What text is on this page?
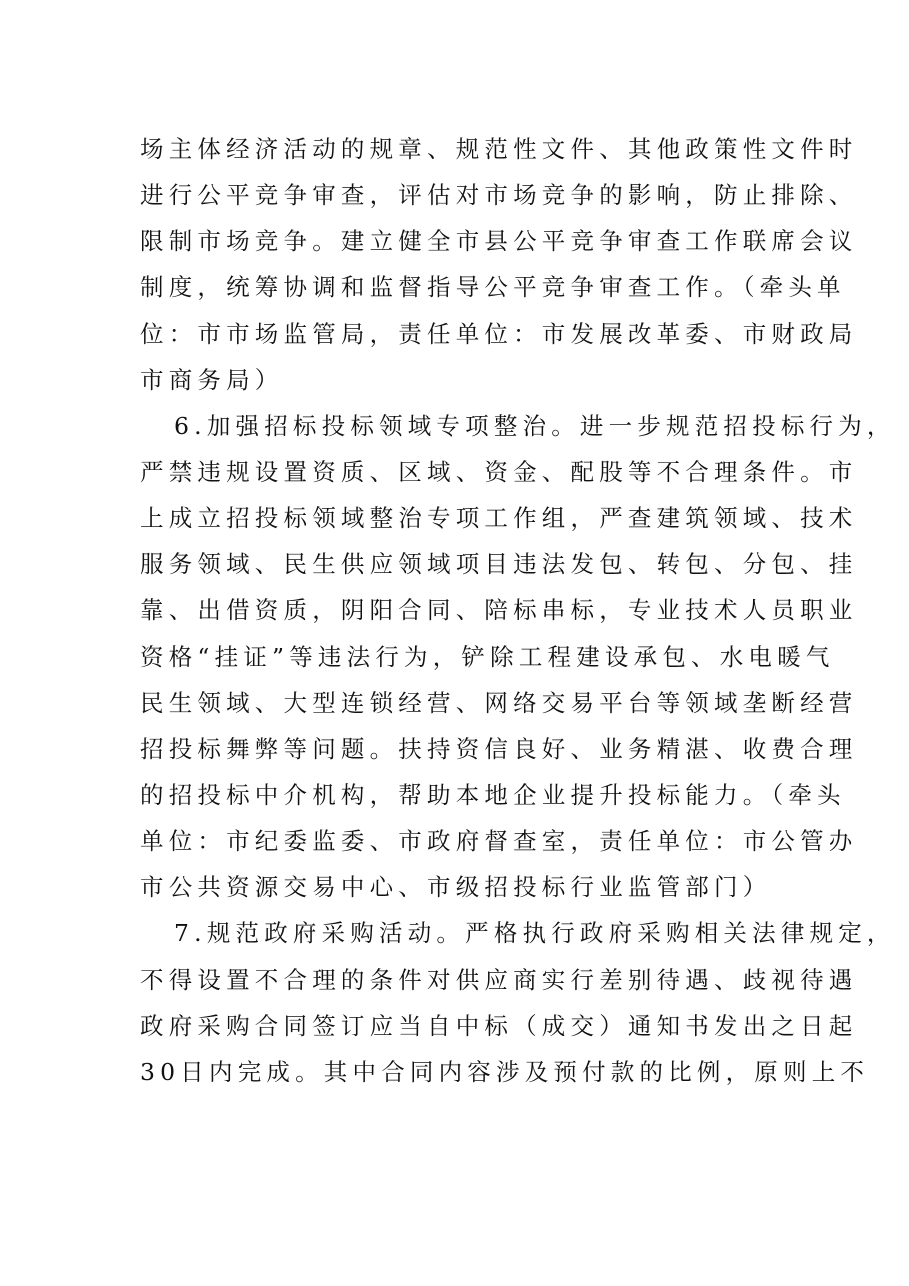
场主体经济活动的规章、规范性文件、其他政策性文件时
进行公平竞争审查，评估对市场竞争的影响，防止排除、
限制市场竞争。建立健全市县公平竞争审查工作联席会议
制度，统筹协调和监督指导公平竞争审查工作。（牵头单
位：市市场监管局，责任单位：市发展改革委、市财政局
市商务局）
6.加强招标投标领域专项整治。进一步规范招投标行为，
严禁违规设置资质、区域、资金、配股等不合理条件。市
上成立招投标领域整治专项工作组，严查建筑领域、技术
服务领域、民生供应领域项目违法发包、转包、分包、挂
靠、出借资质，阴阳合同、陪标串标，专业技术人员职业
资格“挂证”等违法行为，铲除工程建设承包、水电暖气
民生领域、大型连锁经营、网络交易平台等领域垄断经营
招投标舞弊等问题。扶持资信良好、业务精湛、收费合理
的招投标中介机构，帮助本地企业提升投标能力。（牵头
单位：市纪委监委、市政府督查室，责任单位：市公管办
市公共资源交易中心、市级招投标行业监管部门）
7.规范政府采购活动。严格执行政府采购相关法律规定，
不得设置不合理的条件对供应商实行差别待遇、歧视待遇
政府采购合同签订应当自中标（成交）通知书发出之日起
30日内完成。其中合同内容涉及预付款的比例，原则上不
